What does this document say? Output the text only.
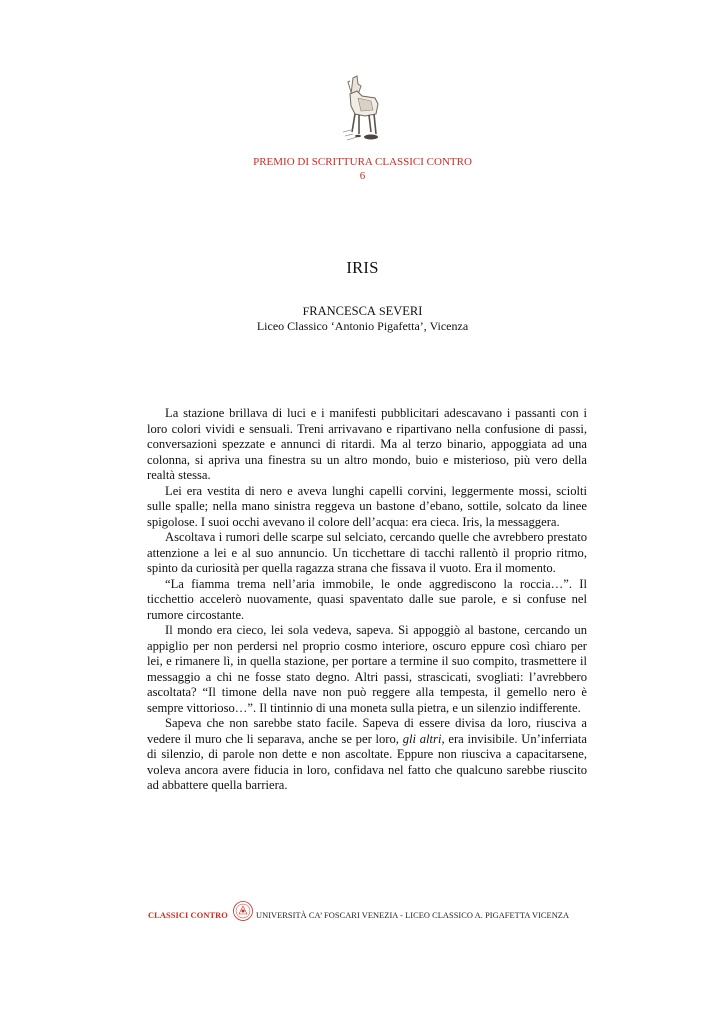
PREMIO DI SCRITTURA CLASSICI CONTRO
6
IRIS
FRANCESCA SEVERI
Liceo Classico ‘Antonio Pigafetta’, Vicenza

La stazione brillava di luci e i manifesti pubblicitari adescavano i passanti con i loro colori vividi e sensuali. Treni arrivavano e ripartivano nella confusione di passi, conversazioni spezzate e annunci di ritardi. Ma al terzo binario, appoggiata ad una colonna, si apriva una finestra su un altro mondo, buio e misterioso, più vero della realtà stessa.

Lei era vestita di nero e aveva lunghi capelli corvini, leggermente mossi, sciolti sulle spalle; nella mano sinistra reggeva un bastone d’ebano, sottile, solcato da linee spigolose. I suoi occhi avevano il colore dell’acqua: era cieca. Iris, la messaggera.

Ascoltava i rumori delle scarpe sul selciato, cercando quelle che avrebbero prestato attenzione a lei e al suo annuncio. Un ticchettare di tacchi rallentò il proprio ritmo, spinto da curiosità per quella ragazza strana che fissava il vuoto. Era il momento.

“La fiamma trema nell’aria immobile, le onde aggrediscono la roccia…”. Il ticchettio accelerò nuovamente, quasi spaventato dalle sue parole, e si confuse nel rumore circostante.

Il mondo era cieco, lei sola vedeva, sapeva. Si appoggiò al bastone, cercando un appiglio per non perdersi nel proprio cosmo interiore, oscuro eppure così chiaro per lei, e rimanere lì, in quella stazione, per portare a termine il suo compito, trasmettere il messaggio a chi ne fosse stato degno. Altri passi, strascicati, svogliati: l’avrebbero ascoltata? “Il timone della nave non può reggere alla tempesta, il gemello nero è sempre vittorioso…”. Il tintinnio di una moneta sulla pietra, e un silenzio indifferente.

Sapeva che non sarebbe stato facile. Sapeva di essere divisa da loro, riusciva a vedere il muro che li separava, anche se per loro, gli altri, era invisibile. Un’inferriata di silenzio, di parole non dette e non ascoltate. Eppure non riusciva a capacitarsene, voleva ancora avere fiducia in loro, confidava nel fatto che qualcuno sarebbe riuscito ad abbattere quella barriera.

CLASSICI CONTRO	UNIVERSITÀ CA’ FOSCARI VENEZIA - LICEO CLASSICO A. PIGAFETTA VICENZA
